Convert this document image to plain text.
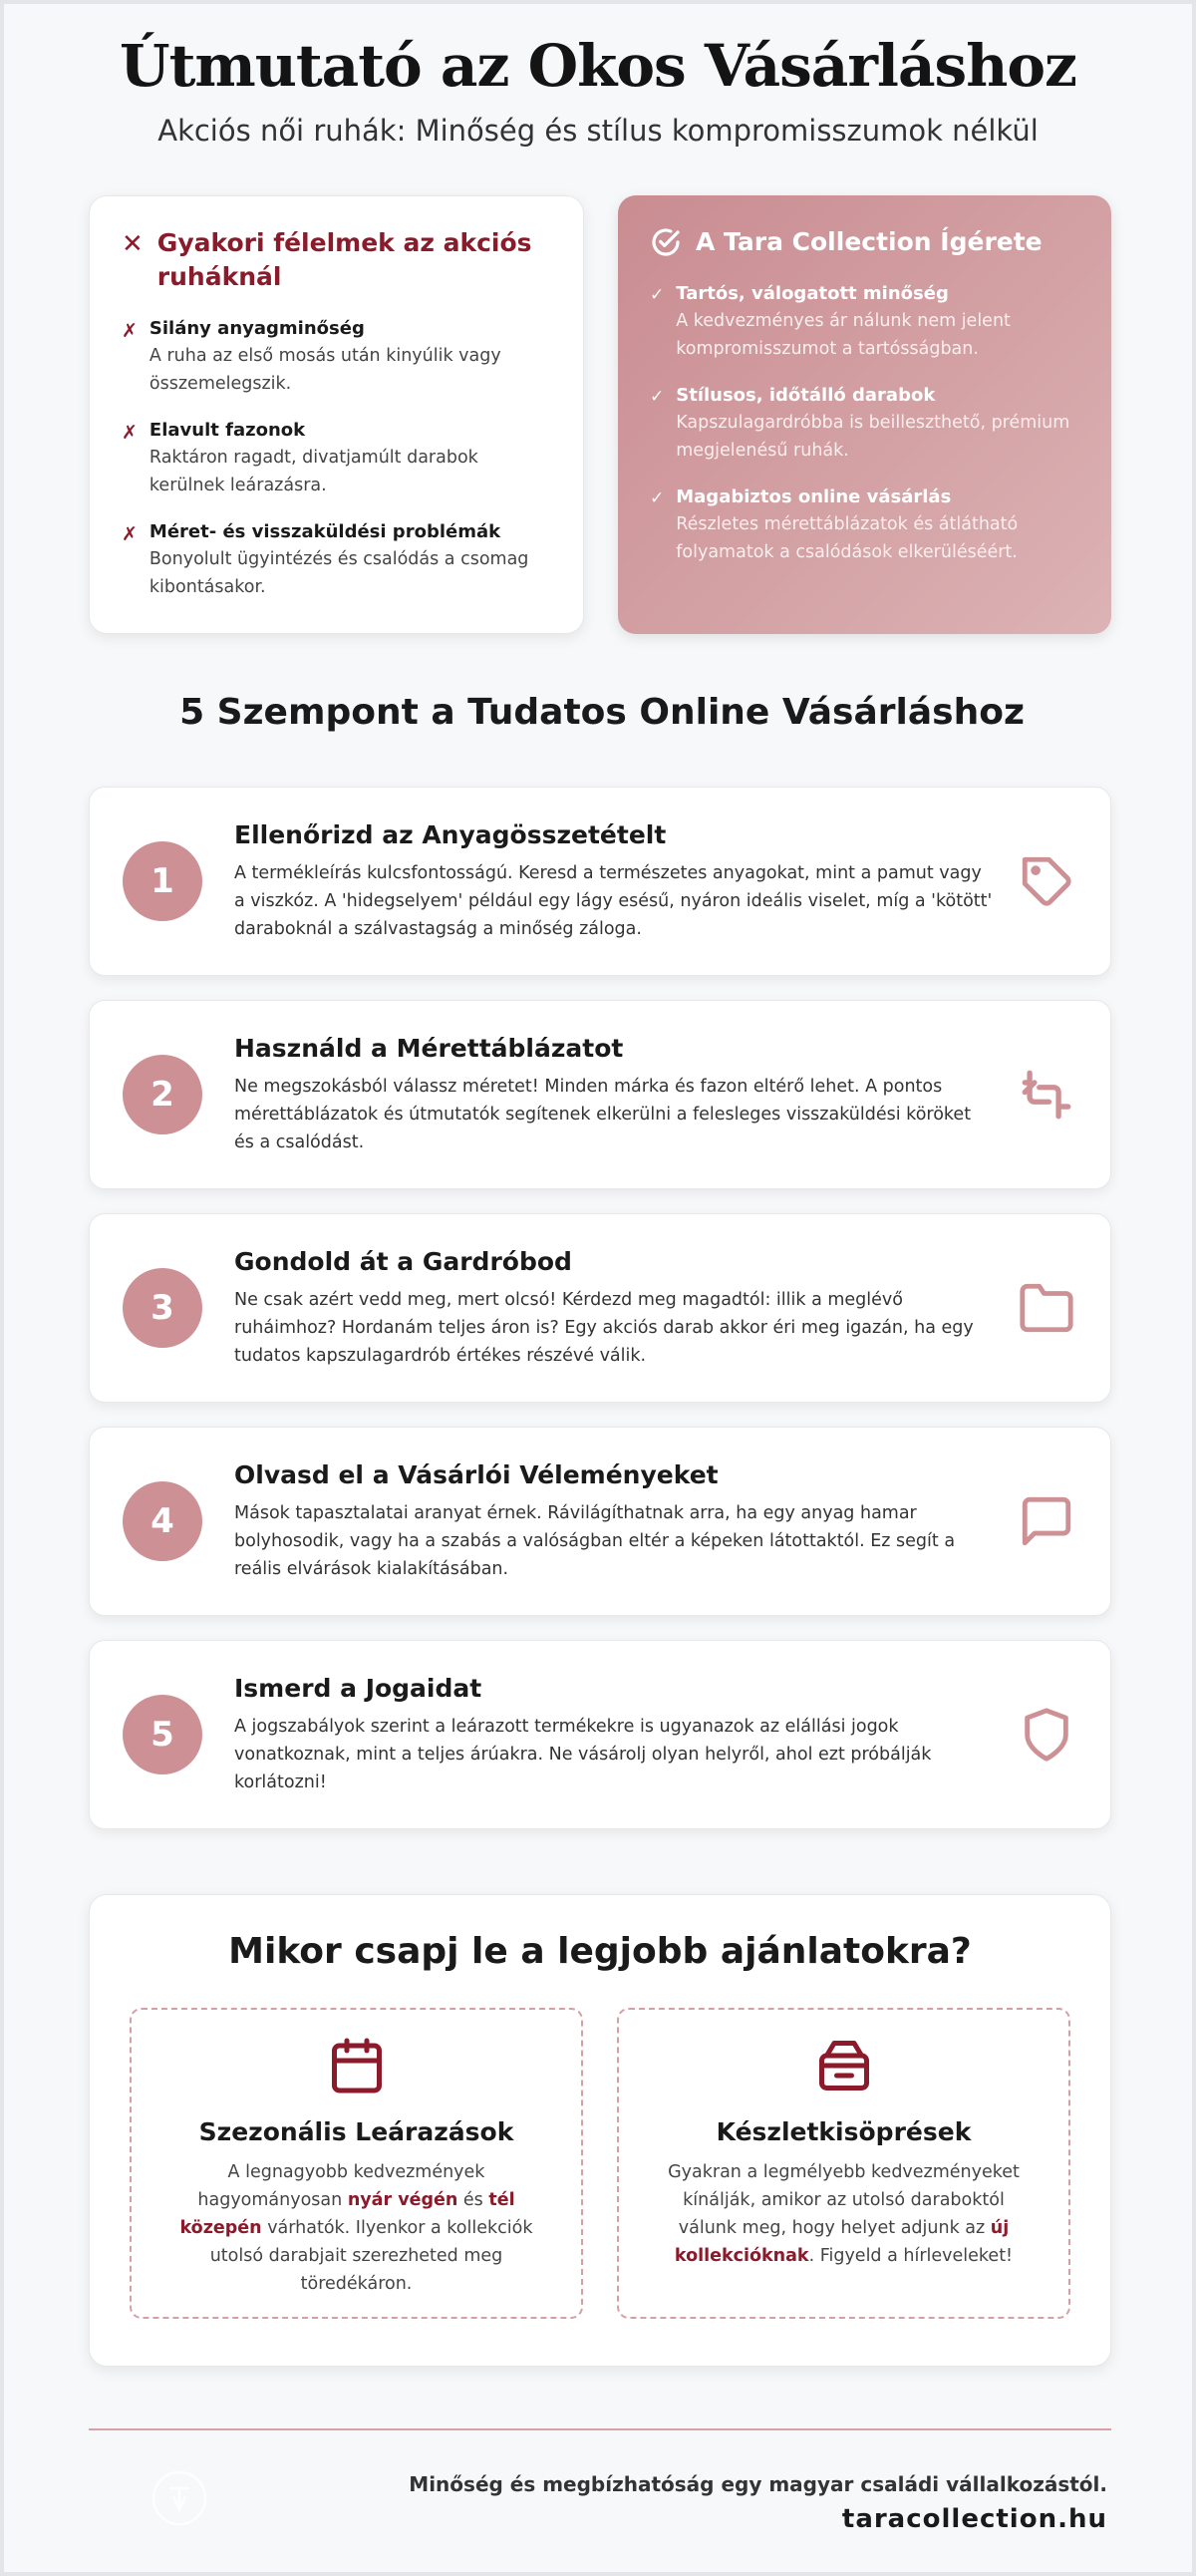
Útmutató az Okos Vásárláshoz
Akciós női ruhák: Minőség és stílus kompromisszumok nélkül
✕ Gyakori félelmek az akciós ruháknál
✗ Silány anyagminőség
A ruha az első mosás után kinyúlik vagy összemelegszik.
✗ Elavult fazonok
Raktáron ragadt, divatjamúlt darabok kerülnek leárazásra.
✗ Méret- és visszaküldési problémák
Bonyolult ügyintézés és csalódás a csomag kibontásakor.
A Tara Collection Ígérete
✓ Tartós, válogatott minőség
A kedvezményes ár nálunk nem jelent kompromisszumot a tartósságban.
✓ Stílusos, időtálló darabok
Kapszulagardróbba is beilleszthető, prémium megjelenésű ruhák.
✓ Magabiztos online vásárlás
Részletes mérettáblázatok és átlátható folyamatok a csalódások elkerüléséért.
5 Szempont a Tudatos Online Vásárláshoz
1
Ellenőrizd az Anyagösszetételt

A termékleírás kulcsfontosságú. Keresd a természetes anyagokat, mint a pamut vagy a viszkóz. A 'hidegselyem' például egy lágy esésű, nyáron ideális viselet, míg a 'kötött' daraboknál a szálvastagság a minőség záloga.

2
Használd a Mérettáblázatot

Ne megszokásból válassz méretet! Minden márka és fazon eltérő lehet. A pontos mérettáblázatok és útmutatók segítenek elkerülni a felesleges visszaküldési köröket és a csalódást.

3
Gondold át a Gardróbod

Ne csak azért vedd meg, mert olcsó! Kérdezd meg magadtól: illik a meglévő ruháimhoz? Hordanám teljes áron is? Egy akciós darab akkor éri meg igazán, ha egy tudatos kapszulagardrób értékes részévé válik.

4
Olvasd el a Vásárlói Véleményeket

Mások tapasztalatai aranyat érnek. Rávilágíthatnak arra, ha egy anyag hamar bolyhosodik, vagy ha a szabás a valóságban eltér a képeken látottaktól. Ez segít a reális elvárások kialakításában.

5
Ismerd a Jogaidat

A jogszabályok szerint a leárazott termékekre is ugyanazok az elállási jogok vonatkoznak, mint a teljes árúakra. Ne vásárolj olyan helyről, ahol ezt próbálják korlátozni!

Mikor csapj le a legjobb ajánlatokra?
Szezonális Leárazások

A legnagyobb kedvezmények hagyományosan nyár végén és tél közepén várhatók. Ilyenkor a kollekciók utolsó darabjait szerezheted meg töredékáron.

Készletkisöprések

Gyakran a legmélyebb kedvezményeket kínálják, amikor az utolsó daraboktól válunk meg, hogy helyet adjunk az új kollekcióknak. Figyeld a hírleveleket!

Minőség és megbízhatóság egy magyar családi vállalkozástól.
taracollection.hu
